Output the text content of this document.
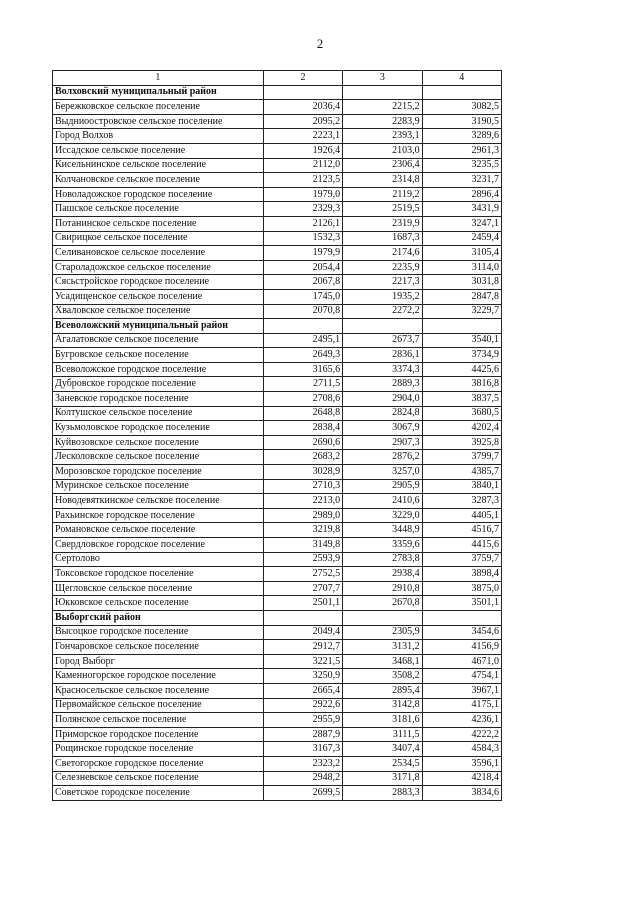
2
1	2	3	4
Волховский муниципальный район			
Бережковское сельское поселение	2036,4	2215,2	3082,5
Выдниоостровское сельское поселение	2095,2	2283,9	3190,5
Город Волхов	2223,1	2393,1	3289,6
Иссадское сельское поселение	1926,4	2103,0	2961,3
Кисельнинское сельское поселение	2112,0	2306,4	3235,5
Колчановское сельское поселение	2123,5	2314,8	3231,7
Новоладожское городское поселение	1979,0	2119,2	2896,4
Пашское сельское поселение	2329,3	2519,5	3431,9
Потанинское сельское поселение	2126,1	2319,9	3247,1
Свирицкое сельское поселение	1532,3	1687,3	2459,4
Селивановское сельское поселение	1979,9	2174,6	3105,4
Староладожское сельское поселение	2054,4	2235,9	3114,0
Сясьстройское городское поселение	2067,8	2217,3	3031,8
Усадищенское сельское поселение	1745,0	1935,2	2847,8
Хваловское сельское поселение	2070,8	2272,2	3229,7
Всеволожский муниципальный район			
Агалатовское сельское поселение	2495,1	2673,7	3540,1
Бугровское сельское поселение	2649,3	2836,1	3734,9
Всеволожское городское поселение	3165,6	3374,3	4425,6
Дубровское городское поселение	2711,5	2889,3	3816,8
Заневское городское поселение	2708,6	2904,0	3837,5
Колтушское сельское поселение	2648,8	2824,8	3680,5
Кузьмоловское городское поселение	2838,4	3067,9	4202,4
Куйвозовское сельское поселение	2690,6	2907,3	3925,8
Лесколовское сельское поселение	2683,2	2876,2	3799,7
Морозовское городское поселение	3028,9	3257,0	4385,7
Муринское сельское поселение	2710,3	2905,9	3840,1
Новодевяткинское сельское поселение	2213,0	2410,6	3287,3
Рахьинское городское поселение	2989,0	3229,0	4405,1
Романовское сельское поселение	3219,8	3448,9	4516,7
Свердловское городское поселение	3149,8	3359,6	4415,6
Сертолово	2593,9	2783,8	3759,7
Токсовское городское поселение	2752,5	2938,4	3898,4
Щегловское сельское поселение	2707,7	2910,8	3875,0
Юкковское сельское поселение	2501,1	2670,8	3501,1
Выборгский район			
Высоцкое городское поселение	2049,4	2305,9	3454,6
Гончаровское сельское поселение	2912,7	3131,2	4156,9
Город Выборг	3221,5	3468,1	4671,0
Каменногорское городское поселение	3250,9	3508,2	4754,1
Красносельское сельское поселение	2665,4	2895,4	3967,1
Первомайское сельское поселение	2922,6	3142,8	4175,1
Полянское сельское поселение	2955,9	3181,6	4236,1
Приморское городское поселение	2887,9	3111,5	4222,2
Рощинское городское поселение	3167,3	3407,4	4584,3
Светогорское городское поселение	2323,2	2534,5	3596,1
Селезневское сельское поселение	2948,2	3171,8	4218,4
Советское городское поселение	2699,5	2883,3	3834,6
